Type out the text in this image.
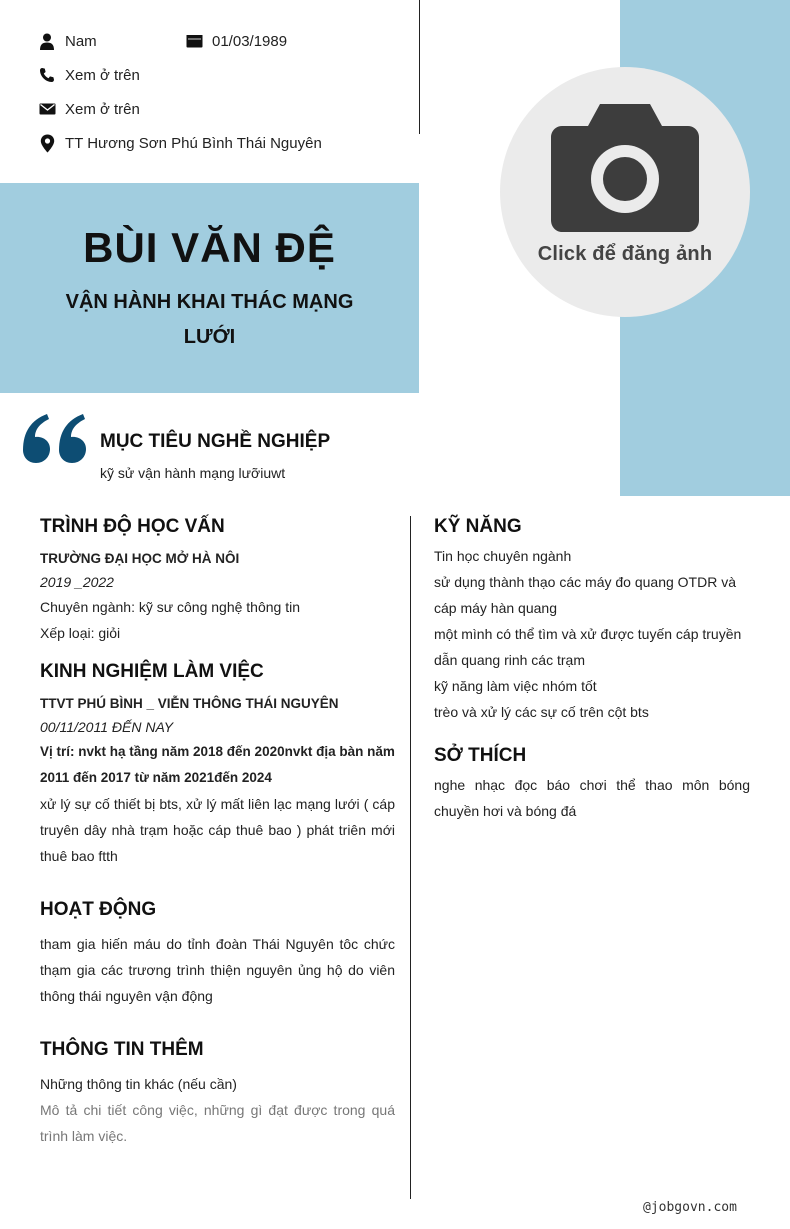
Nam	01/03/1989
Xem ở trên
Xem ở trên
TT Hương Sơn Phú Bình Thái Nguyên
Click để đăng ảnh
BÙI VĂN ĐỆ
VẬN HÀNH KHAI THÁC MẠNG
LƯỚI
MỤC TIÊU NGHỀ NGHIỆP
kỹ sử vận hành mạng lưỡiuwt
TRÌNH ĐỘ HỌC VẤN
TRƯỜNG ĐẠI HỌC MỞ HÀ NÔI
2019 _2022
Chuyên ngành: kỹ sư công nghệ thông tin
Xếp loại: giỏi
KINH NGHIỆM LÀM VIỆC
TTVT PHÚ BÌNH _ VIỄN THÔNG THÁI NGUYÊN
00/11/2011 ĐẾN NAY
Vị trí: nvkt hạ tầng năm 2018 đến 2020nvkt địa bàn năm
2011 đến 2017 từ năm 2021đến 2024
xử lý sự cố thiết bị bts, xử lý mất liên lạc mạng lưới ( cáp truyên dây nhà trạm hoặc cáp thuê bao ) phát triên mới thuê bao ftth
HOẠT ĐỘNG
tham gia hiến máu do tỉnh đoàn Thái Nguyên tôc chức thạm gia các trương trình thiện nguyên ủng hộ do viên thông thái nguyên vận động
THÔNG TIN THÊM
Những thông tin khác (nếu cần)
Mô tả chi tiết công việc, những gì đạt được trong quá trình làm việc.
KỸ NĂNG
Tin học chuyên ngành
sử dụng thành thạo các máy đo quang OTDR và cáp máy hàn quang
một mình có thể tìm và xử được tuyến cáp truyền dẫn quang rinh các trạm
kỹ năng làm việc nhóm tốt
trèo và xử lý các sự cố trên cột bts
SỞ THÍCH
nghe nhạc đọc báo chơi thể thao môn bóng chuyền hơi và bóng đá
@jobgovn.com
